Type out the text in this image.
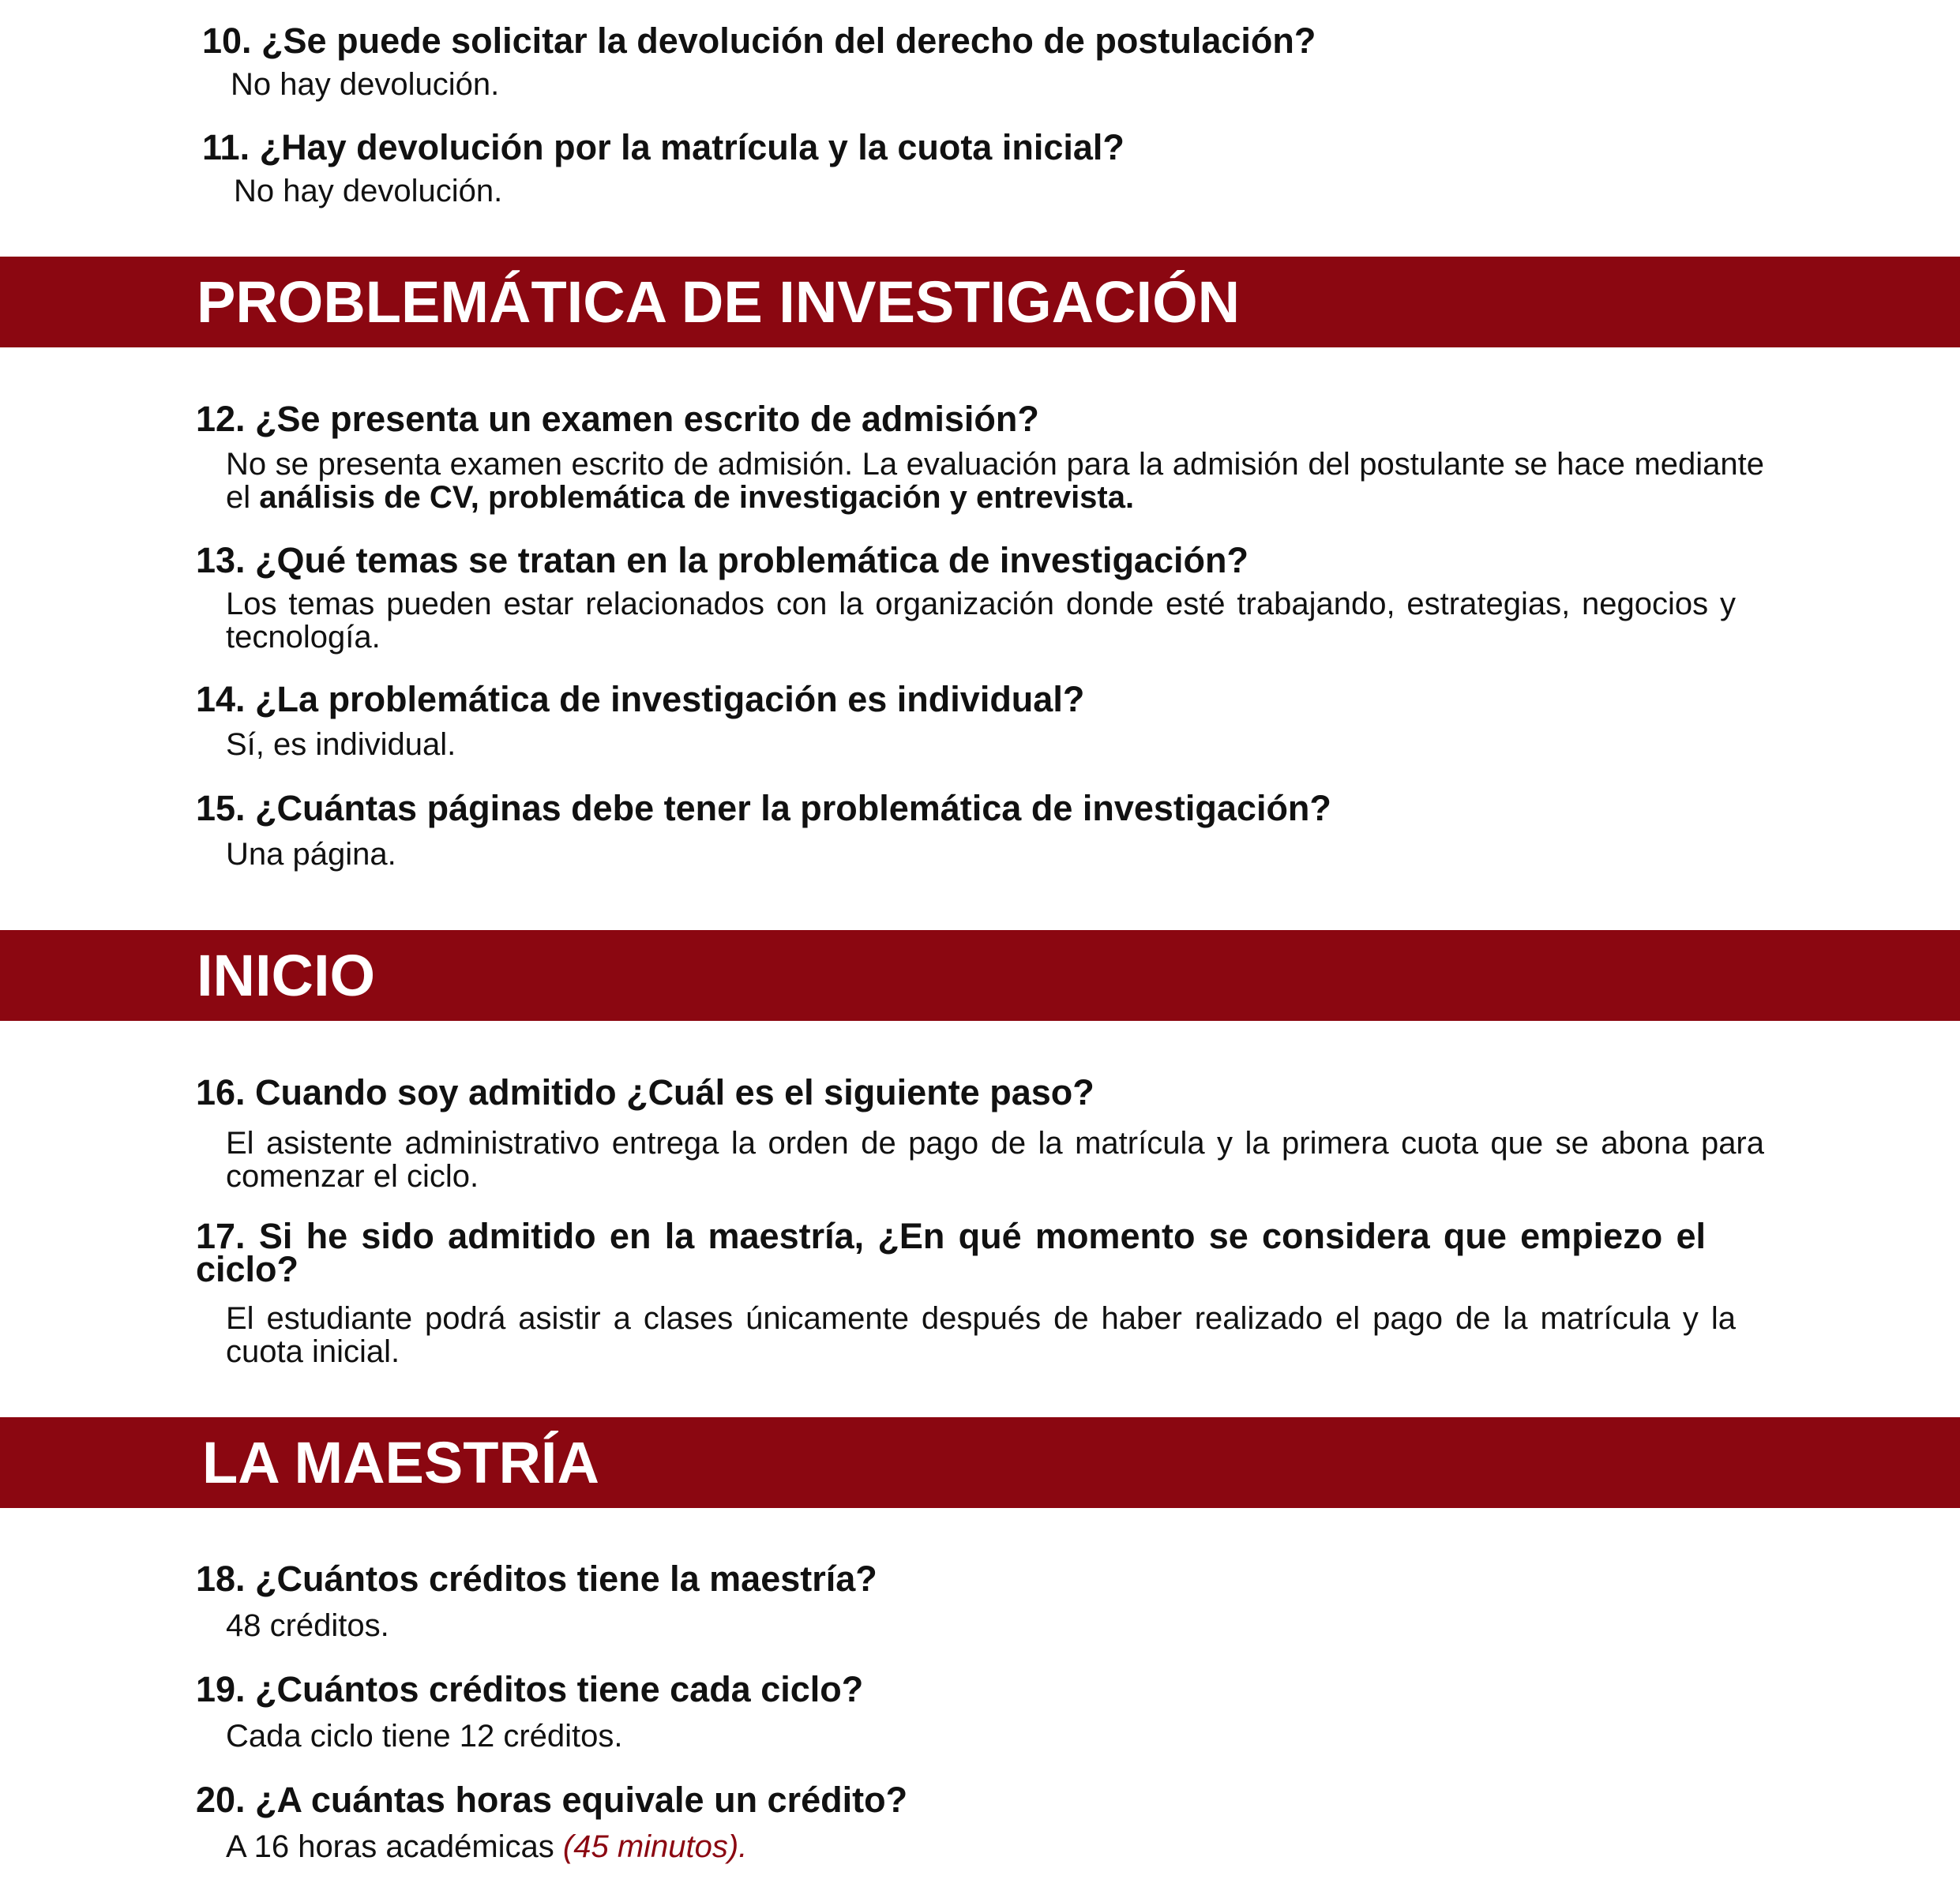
10. ¿Se puede solicitar la devolución del derecho de postulación?
No hay devolución.
11. ¿Hay devolución por la matrícula y la cuota inicial?
No hay devolución.
PROBLEMÁTICA DE INVESTIGACIÓN
12. ¿Se presenta un examen escrito de admisión?
No se presenta examen escrito de admisión. La evaluación para la admisión del postulante se hace mediante el análisis de CV, problemática de investigación y entrevista.
13. ¿Qué temas se tratan en la problemática de investigación?
Los temas pueden estar relacionados con la organización donde esté trabajando, estrategias, negocios y tecnología.
14. ¿La problemática de investigación es individual?
Sí, es individual.
15. ¿Cuántas páginas debe tener la problemática de investigación?
Una página.
INICIO
16. Cuando soy admitido ¿Cuál es el siguiente paso?
El asistente administrativo entrega la orden de pago de la matrícula y la primera cuota que se abona para comenzar el ciclo.
17. Si he sido admitido en la maestría, ¿En qué momento se considera que empiezo el ciclo?
El estudiante podrá asistir a clases únicamente después de haber realizado el pago de la matrícula y la cuota inicial.
LA MAESTRÍA
18. ¿Cuántos créditos tiene la maestría?
48 créditos.
19. ¿Cuántos créditos tiene cada ciclo?
Cada ciclo tiene 12 créditos.
20. ¿A cuántas horas equivale un crédito?
A 16 horas académicas (45 minutos).
